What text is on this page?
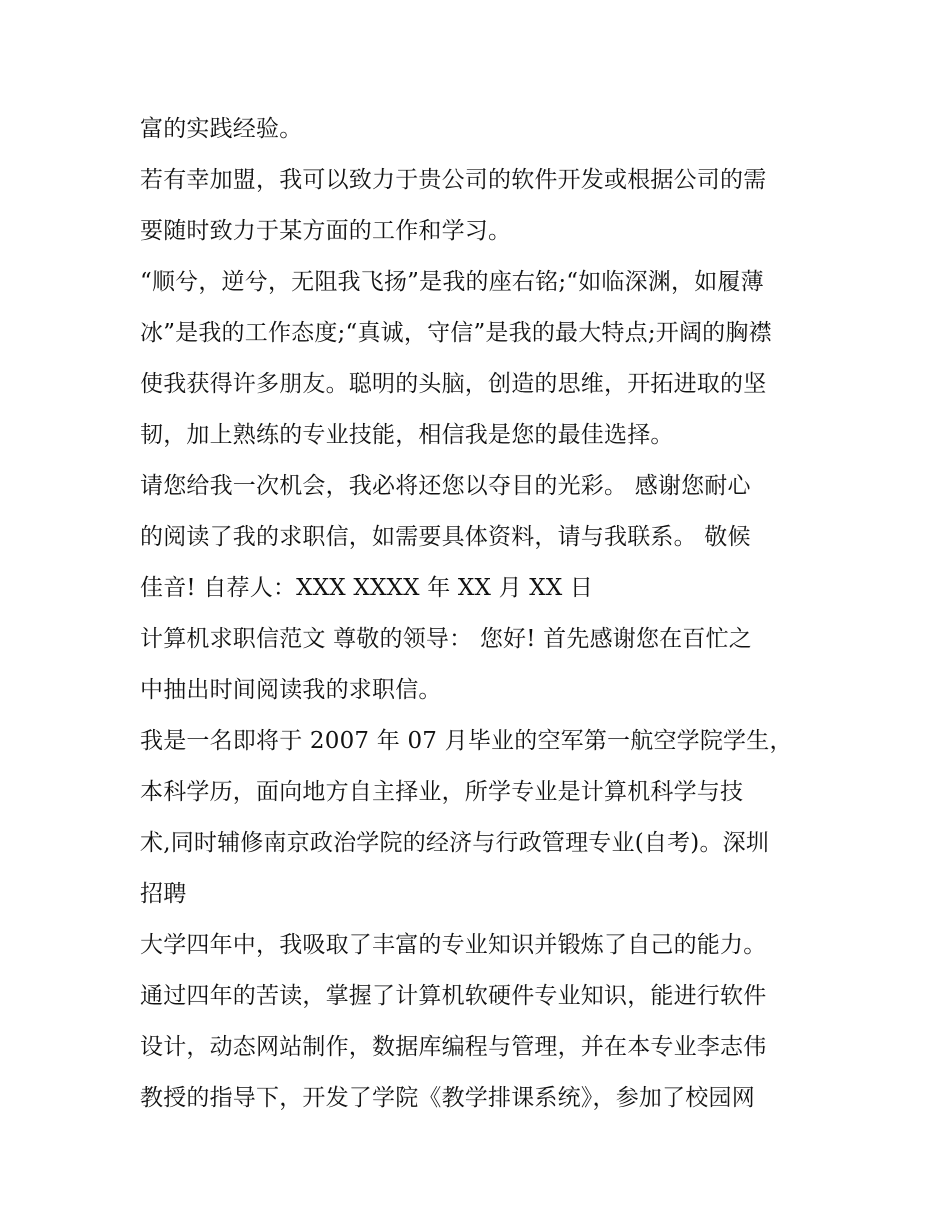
富的实践经验。
若有幸加盟，我可以致力于贵公司的软件开发或根据公司的需
要随时致力于某方面的工作和学习。
“顺兮，逆兮，无阻我飞扬”是我的座右铭;“如临深渊，如履薄
冰”是我的工作态度;“真诚，守信”是我的最大特点;开阔的胸襟
使我获得许多朋友。聪明的头脑，创造的思维，开拓进取的坚
韧，加上熟练的专业技能，相信我是您的最佳选择。
请您给我一次机会，我必将还您以夺目的光彩。 感谢您耐心
的阅读了我的求职信，如需要具体资料，请与我联系。 敬候
佳音! 自荐人：XXX XXXX 年 XX 月 XX 日
计算机求职信范文 尊敬的领导： 您好! 首先感谢您在百忙之
中抽出时间阅读我的求职信。
我是一名即将于 2007 年 07 月毕业的空军第一航空学院学生，
本科学历，面向地方自主择业，所学专业是计算机科学与技
术,同时辅修南京政治学院的经济与行政管理专业(自考)。深圳
招聘
大学四年中，我吸取了丰富的专业知识并锻炼了自己的能力。
通过四年的苦读，掌握了计算机软硬件专业知识，能进行软件
设计，动态网站制作，数据库编程与管理，并在本专业李志伟
教授的指导下，开发了学院《教学排课系统》，参加了校园网
